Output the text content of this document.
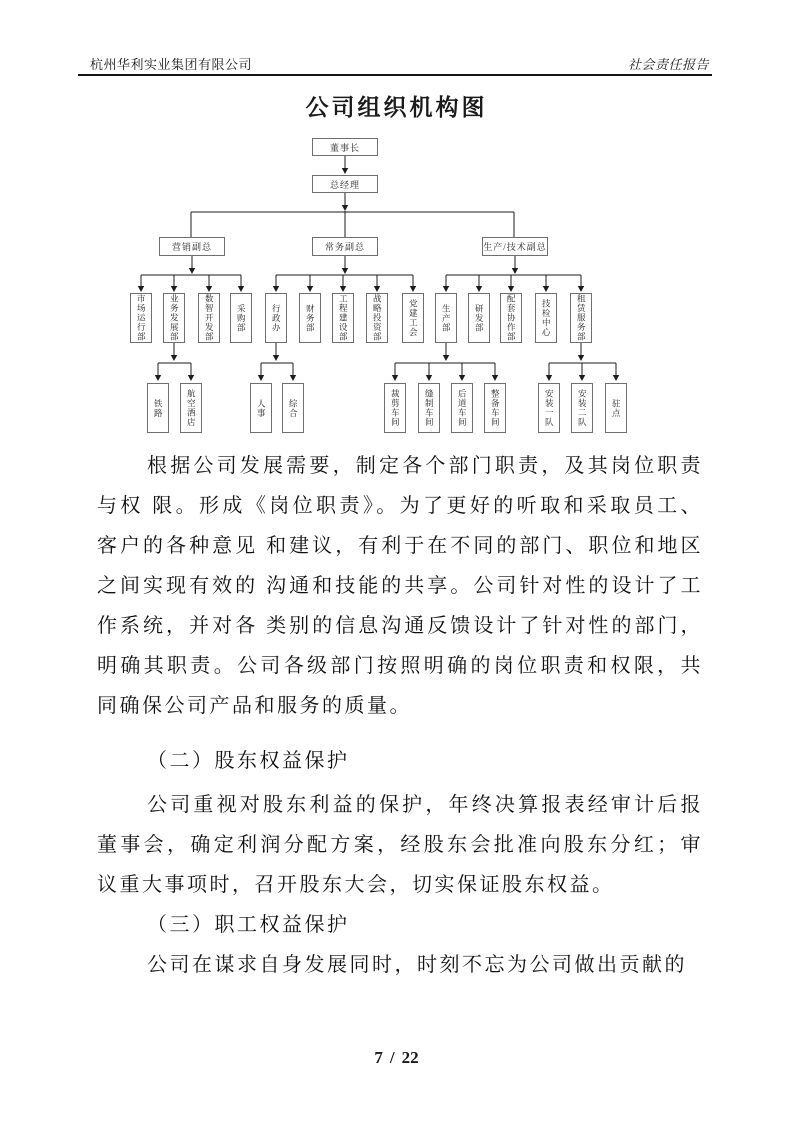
杭州华利实业集团有限公司	社会责任报告
公司组织机构图
董事长
总经理
营销副总	常务副总	生产/技术副总
市场运行部	业务发展部	数智开发部	采购部	行政办	财务部	工程建设部	战略投资部	党建工会	生产部	研发部	配套协作部	技检中心	租赁服务部
铁路	航空酒店	人事	综合	裁剪车间	缝制车间	后道车间	整备车间	安装一队	安装二队	驻点
根据公司发展需要，制定各个部门职责，及其岗位职责
与权 限。形成《岗位职责》。为了更好的听取和采取员工、
客户的各种意见 和建议，有利于在不同的部门、职位和地区
之间实现有效的 沟通和技能的共享。公司针对性的设计了工
作系统，并对各 类别的信息沟通反馈设计了针对性的部门，
明确其职责。公司各级部门按照明确的岗位职责和权限，共
同确保公司产品和服务的质量。
（二）股东权益保护
公司重视对股东利益的保护，年终决算报表经审计后报
董事会，确定利润分配方案，经股东会批准向股东分红；审
议重大事项时，召开股东大会，切实保证股东权益。
（三）职工权益保护
公司在谋求自身发展同时，时刻不忘为公司做出贡献的
7 / 22
